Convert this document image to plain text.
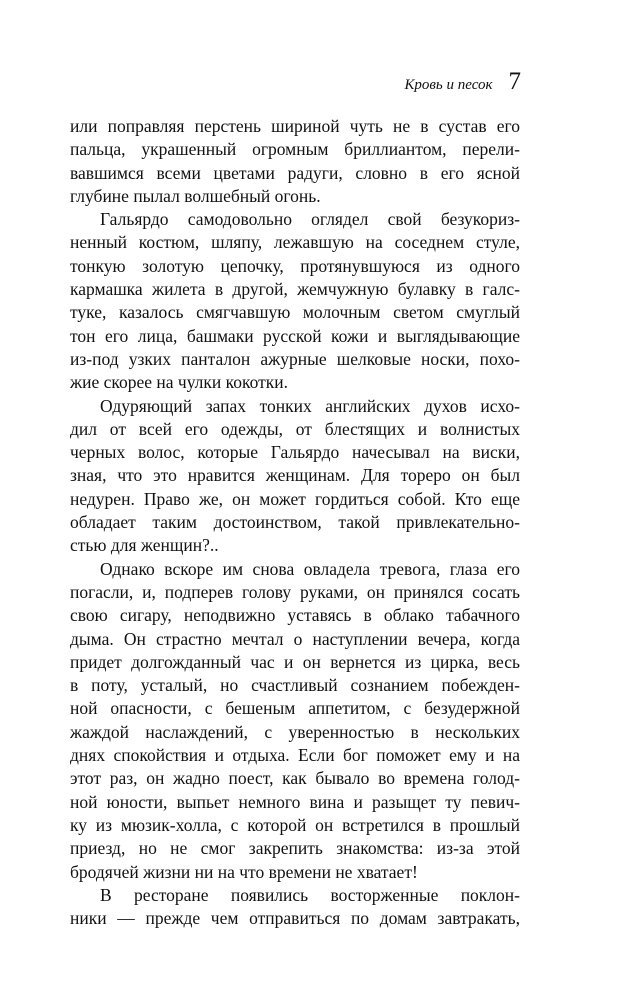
Кровь и песок 7
или поправляя перстень шириной чуть не в сустав его
пальца, украшенный огромным бриллиантом, перели-
вавшимся всеми цветами радуги, словно в его ясной
глубине пылал волшебный огонь.
Гальярдо самодовольно оглядел свой безукориз-
ненный костюм, шляпу, лежавшую на соседнем стуле,
тонкую золотую цепочку, протянувшуюся из одного
кармашка жилета в другой, жемчужную булавку в галс-
туке, казалось смягчавшую молочным светом смуглый
тон его лица, башмаки русской кожи и выглядывающие
из-под узких панталон ажурные шелковые носки, похо-
жие скорее на чулки кокотки.
Одуряющий запах тонких английских духов исхо-
дил от всей его одежды, от блестящих и волнистых
черных волос, которые Гальярдо начесывал на виски,
зная, что это нравится женщинам. Для тореро он был
недурен. Право же, он может гордиться собой. Кто еще
обладает таким достоинством, такой привлекательно-
стью для женщин?..
Однако вскоре им снова овладела тревога, глаза его
погасли, и, подперев голову руками, он принялся сосать
свою сигару, неподвижно уставясь в облако табачного
дыма. Он страстно мечтал о наступлении вечера, когда
придет долгожданный час и он вернется из цирка, весь
в поту, усталый, но счастливый сознанием побежден-
ной опасности, с бешеным аппетитом, с безудержной
жаждой наслаждений, с уверенностью в нескольких
днях спокойствия и отдыха. Если бог поможет ему и на
этот раз, он жадно поест, как бывало во времена голод-
ной юности, выпьет немного вина и разыщет ту певич-
ку из мюзик-холла, с которой он встретился в прошлый
приезд, но не смог закрепить знакомства: из-за этой
бродячей жизни ни на что времени не хватает!
В ресторане появились восторженные поклон-
ники — прежде чем отправиться по домам завтракать,
